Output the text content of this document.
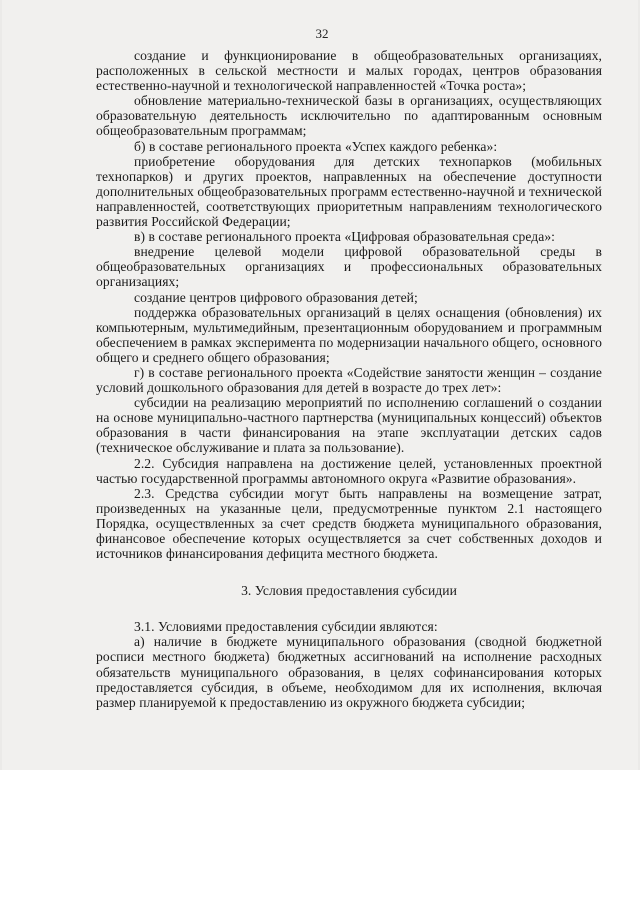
32

создание и функционирование в общеобразовательных организациях, расположенных в сельской местности и малых городах, центров образования естественно-научной и технологической направленностей «Точка роста»;

обновление материально-технической базы в организациях, осуществляющих образовательную деятельность исключительно по адаптированным основным общеобразовательным программам;

б) в составе регионального проекта «Успех каждого ребенка»:

приобретение оборудования для детских технопарков (мобильных технопарков) и других проектов, направленных на обеспечение доступности дополнительных общеобразовательных программ естественно-научной и технической направленностей, соответствующих приоритетным направлениям технологического развития Российской Федерации;

в) в составе регионального проекта «Цифровая образовательная среда»:

внедрение целевой модели цифровой образовательной среды в общеобразовательных организациях и профессиональных образовательных организациях;

создание центров цифрового образования детей;

поддержка образовательных организаций в целях оснащения (обновления) их компьютерным, мультимедийным, презентационным оборудованием и программным обеспечением в рамках эксперимента по модернизации начального общего, основного общего и среднего общего образования;

г) в составе регионального проекта «Содействие занятости женщин – создание условий дошкольного образования для детей в возрасте до трех лет»:

субсидии на реализацию мероприятий по исполнению соглашений о создании на основе муниципально-частного партнерства (муниципальных концессий) объектов образования в части финансирования на этапе эксплуатации детских садов (техническое обслуживание и плата за пользование).

2.2. Субсидия направлена на достижение целей, установленных проектной частью государственной программы автономного округа «Развитие образования».

2.3. Средства субсидии могут быть направлены на возмещение затрат, произведенных на указанные цели, предусмотренные пунктом 2.1 настоящего Порядка, осуществленных за счет средств бюджета муниципального образования, финансовое обеспечение которых осуществляется за счет собственных доходов и источников финансирования дефицита местного бюджета.

3. Условия предоставления субсидии

3.1. Условиями предоставления субсидии являются:

а) наличие в бюджете муниципального образования (сводной бюджетной росписи местного бюджета) бюджетных ассигнований на исполнение расходных обязательств муниципального образования, в целях софинансирования которых предоставляется субсидия, в объеме, необходимом для их исполнения, включая размер планируемой к предоставлению из окружного бюджета субсидии;
